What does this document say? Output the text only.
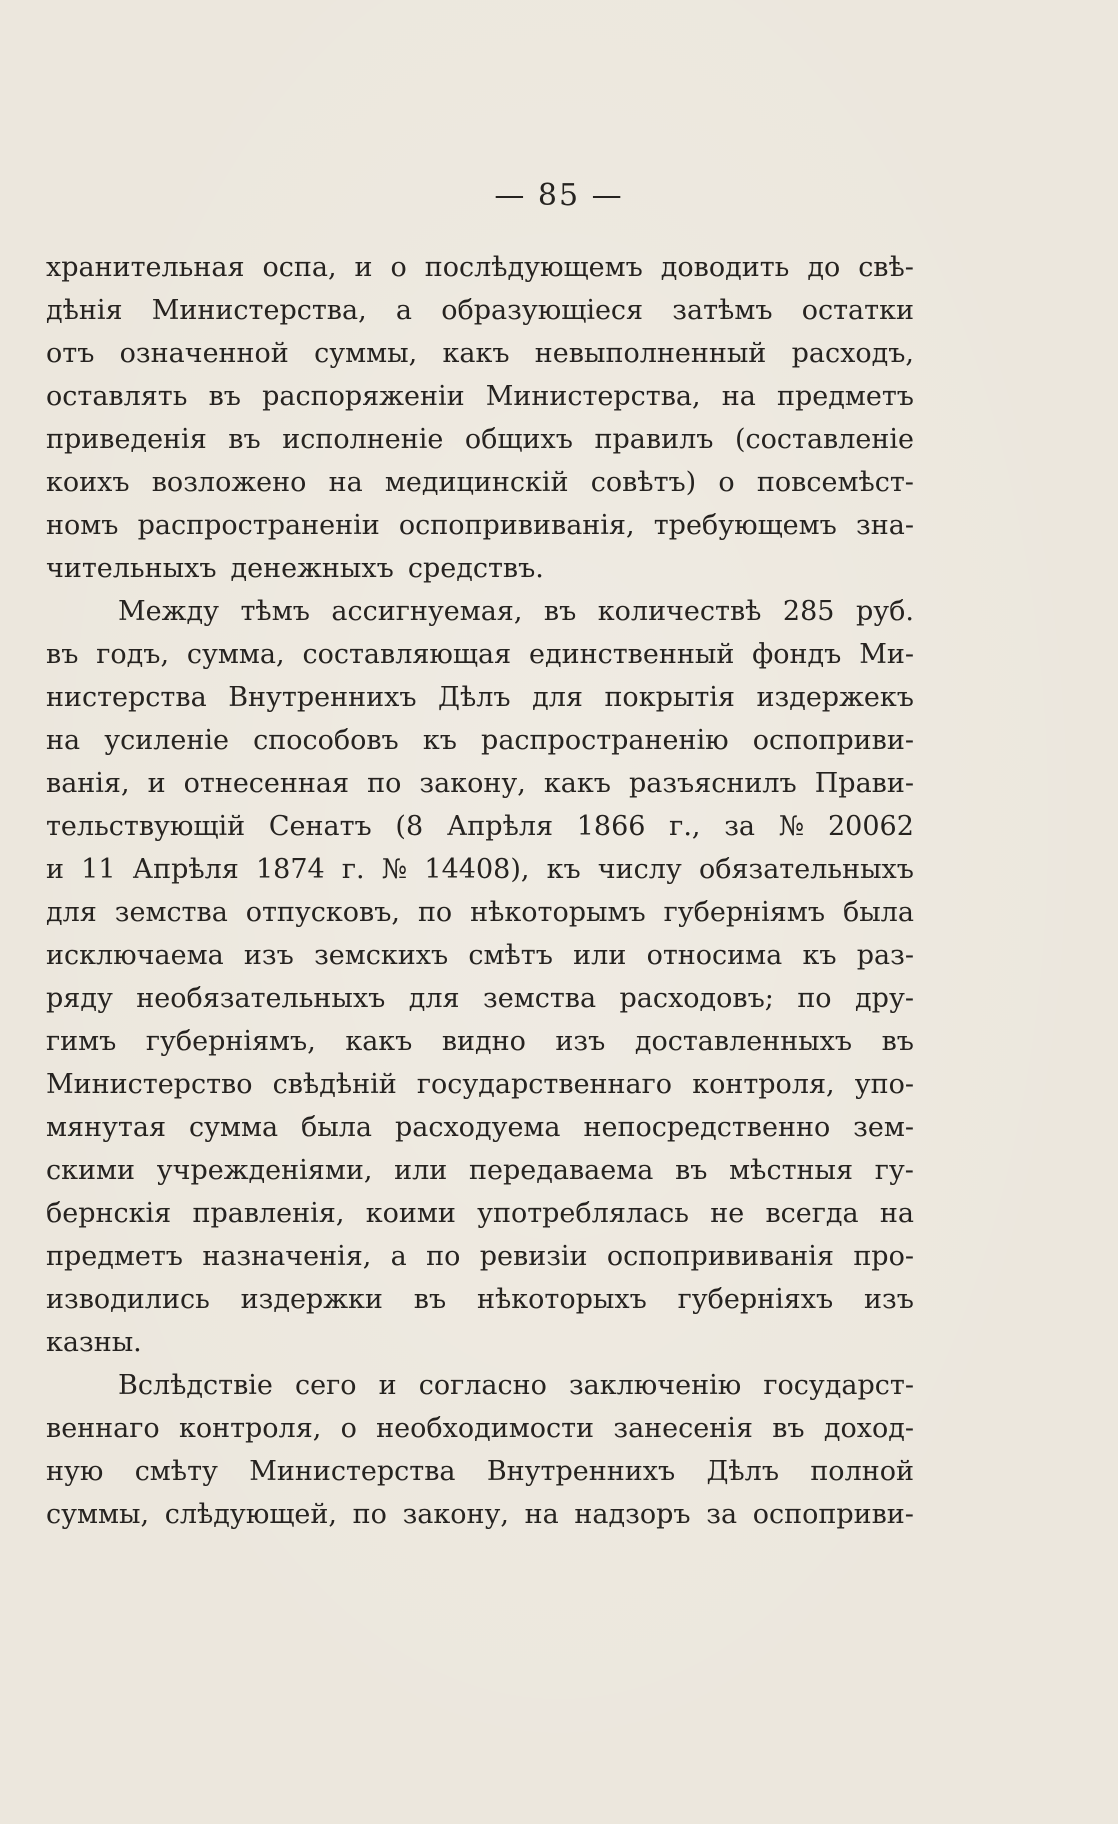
— 85 —
хранительная оспа, и о послѣдующемъ доводить до свѣ-
дѣнія Министерства, а образующіеся затѣмъ остатки
отъ означенной суммы, какъ невыполненный расходъ,
оставлять въ распоряженіи Министерства, на предметъ
приведенія въ исполненіе общихъ правилъ (составленіе
коихъ возложено на медицинскій совѣтъ) о повсемѣст-
номъ распространеніи оспопрививанія, требующемъ зна-
чительныхъ денежныхъ средствъ.
Между тѣмъ ассигнуемая, въ количествѣ 285 руб.
въ годъ, сумма, составляющая единственный фондъ Ми-
нистерства Внутреннихъ Дѣлъ для покрытія издержекъ
на усиленіе способовъ къ распространенію оспоприви-
ванія, и отнесенная по закону, какъ разъяснилъ Прави-
тельствующій Сенатъ (8 Апрѣля 1866 г., за № 20062
и 11 Апрѣля 1874 г. № 14408), къ числу обязательныхъ
для земства отпусковъ, по нѣкоторымъ губерніямъ была
исключаема изъ земскихъ смѣтъ или относима къ раз-
ряду необязательныхъ для земства расходовъ; по дру-
гимъ губерніямъ, какъ видно изъ доставленныхъ въ
Министерство свѣдѣній государственнаго контроля, упо-
мянутая сумма была расходуема непосредственно зем-
скими учрежденіями, или передаваема въ мѣстныя гу-
бернскія правленія, коими употреблялась не всегда на
предметъ назначенія, а по ревизіи оспопрививанія про-
изводились издержки въ нѣкоторыхъ губерніяхъ изъ
казны.
Вслѣдствіе сего и согласно заключенію государст-
веннаго контроля, о необходимости занесенія въ доход-
ную смѣту Министерства Внутреннихъ Дѣлъ полной
суммы, слѣдующей, по закону, на надзоръ за оспоприви-
